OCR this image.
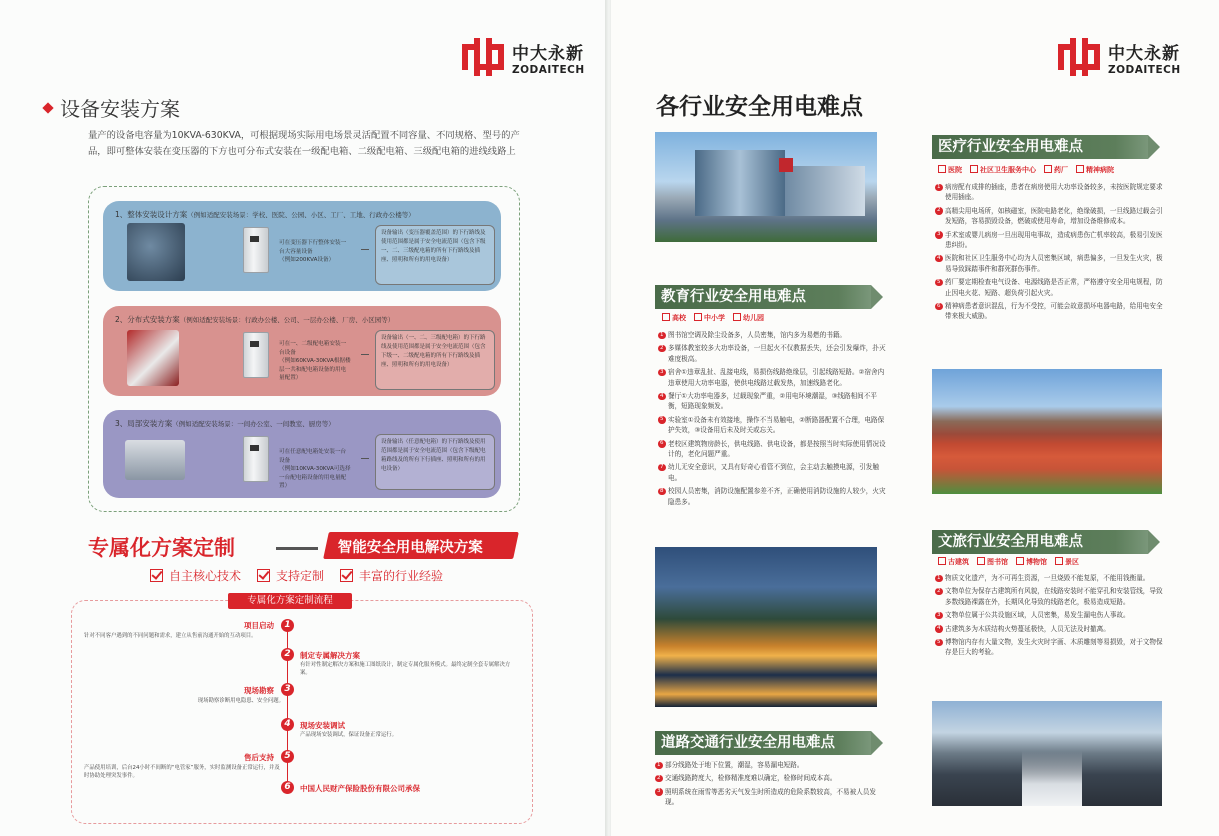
中大永新
ZODAITECH
设备安装方案
量产的设备电容量为10KVA-630KVA，可根据现场实际用电场景灵活配置不同容量、不同规格、型号的产品，即可整体安装在变压器的下方也可分布式安装在一级配电箱、二级配电箱、三级配电箱的进线线路上
1、整体安装设计方案（例如适配安装场景：学校、医院、公园、小区、工厂、工地、行政办公楼等）
可在变压器下行整体安装一台大容量设备
（例如200KVA设备）
设备输出（变压器覆盖范围）的下行路线及使用范围都是属于安全电流范围（包含下级一、二、三级配电箱的所有下行路线及插座、照明和所有的用电设备）
2、分布式安装方案（例如适配安装场景：行政办公楼、公司、一层办公楼、厂房、小区园等）
可在一、二级配电箱安装一台设备
（例如60KVA-30KVA根据楼层一共和配电箱设备的用电量配置）
设备输出（一、二、三级配电箱）的下行路线及使用范围都是属于安全电流范围（包含下级一、二级配电箱的所有下行路线及插座、照明和所有的用电设备）
3、局部安装方案（例如适配安装场景：一间办公室、一间教室、厨房等）
可在任意配电箱处安装一台设备
（例如10KVA-30KVA可选择一台配电箱设备的用电量配置）
设备输出（任意配电箱）的下行路线及使用范围都是属于安全电流范围（包含下级配电箱路线及的所有下行插座、照明和所有的用电设备）
专属化方案定制	智能安全用电解决方案
自主核心技术	支持定制	丰富的行业经验
专属化方案定制流程
项目启动	1
针对不同客户遇到的不同问题和需求，建立从售前沟通开始的互动项目。
2	制定专属解决方案
有针对性制定解决方案和施工图纸设计，制定专属化服务模式。最终定制全套专属解决方案。
现场勘察	3
现场勘察诊断用电隐患、安全问题。
4	现场安装调试
产品现场安装调试，保证设备正常运行。
售后支持	5
产品使用培训，后台24小时不间断的“电管家”服务，实时监测设备正常运行，并及时协助处理突发事件。
6	中国人民财产保险股份有限公司承保
中大永新
ZODAITECH
各行业安全用电难点
教育行业安全用电难点
高校	中小学	幼儿园
1 图书馆空调及除尘设备多，人员密集，馆内多为易燃的书籍。
2 多媒体教室较多大功率设备，一旦起火不仅教据丢失，还会引发爆炸，扑灭难度极高。
3 宿舍①违章乱扯、乱接电线，易损伤线路绝缘层，引起线路短路。②宿舍内违章使用大功率电器，使供电线路过载发热，加速线路老化。
4 餐厅①大功率电器多，过载现象严重，②用电环境潮湿，③线路相间不平衡，短路现象频发。
5 实验室①设备未有效接地，操作不当易触电，②断路器配置不合理，电路保护失效，③设备用后未及时关或忘关。
6 老校区建筑物房龄长，供电线路、供电设备，都是按照当时实际使用情况设计的，老化问题严重。
7 幼儿无安全意识，又具有好奇心看管不到位，会主动去触摸电源，引发触电。
8 校园人员密集，消防设施配置参差不齐，正确使用消防设施的人较少，火灾隐患多。
道路交通行业安全用电难点
1 部分线路处于地下位置，潮湿，容易漏电短路。
2 交通线路跨度大，检修精准度难以确定，检修时间成本高。
3 照明系统在雨雪等恶劣天气发生时所造成的危险系数较高，不易被人员发现。
医疗行业安全用电难点
医院	社区卫生服务中心	药厂	精神病院
1 病房配有成排的插座，患者在病房使用大功率设备较多，未按医院规定要求使用插座。
2 高精尖用电场所，如核磁室，医院电路老化，绝缘破损，一旦线路过载会引发短路，容易损毁设备，燃破或使用寿命，增加设备维修成本。
3 手术室或婴儿病房一旦出现用电事故，造成病患伤亡机率较高，极易引发医患纠纷。
4 医院和社区卫生服务中心均为人员密集区域，病患偏多，一旦发生火灾，极易导致踩踏事件和群死群伤事件。
5 药厂要定期检查电气设备、电源线路是否正常，严格遵守安全用电规程，防止因电火花、短路、超负荷引起火灾。
6 精神病患者意识混乱，行为不受控，可能会故意损坏电器电路，给用电安全带来极大威胁。
文旅行业安全用电难点
古建筑	图书馆	博物馆	景区
1 物质文化遗产，为不可再生资源，一旦烧毁不能复原，不能用钱衡量。
2 文物单位为保存古建筑所有风貌，在线路安装时不能穿孔和安装管线，导致多数线路裸露在外，长期风化导致的线路老化，极易造成短路。
3 文物单位属于公共设施区域，人员密集，易发生漏电伤人事故。
4 古建筑多为木质结构火势蔓延极快，人员无法及时撤离。
5 博物馆内存有大量文物，发生火灾时字画、木质雕刻等易损毁，对于文物保存是巨大的考验。
